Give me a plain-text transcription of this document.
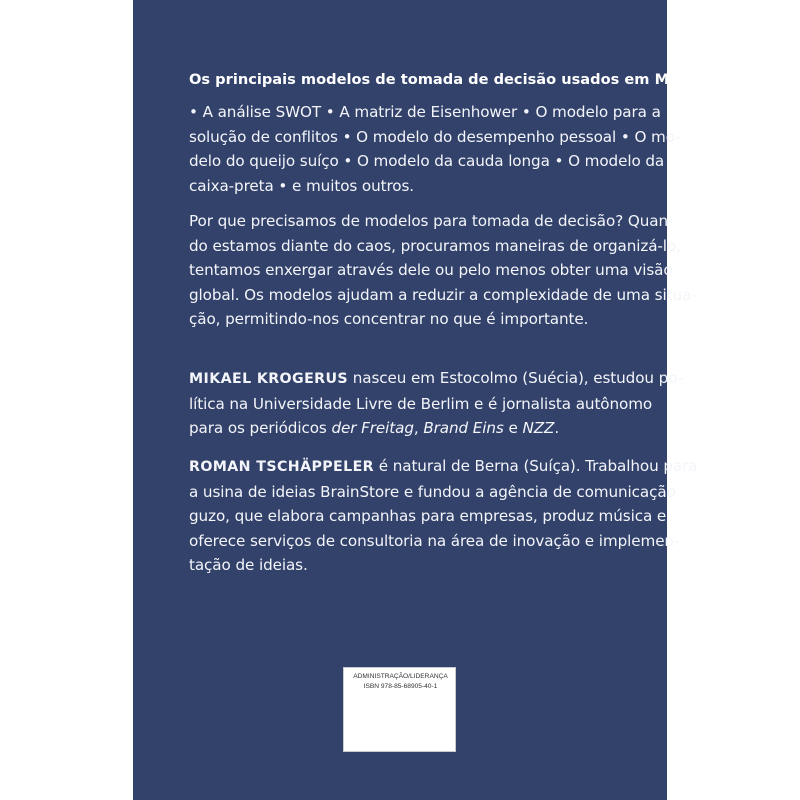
Os principais modelos de tomada de decisão usados em MBAs
• A análise SWOT • A matriz de Eisenhower • O modelo para a
solução de conflitos • O modelo do desempenho pessoal • O mo-
delo do queijo suíço • O modelo da cauda longa • O modelo da
caixa-preta • e muitos outros.
Por que precisamos de modelos para tomada de decisão? Quan-
do estamos diante do caos, procuramos maneiras de organizá-lo,
tentamos enxergar através dele ou pelo menos obter uma visão
global. Os modelos ajudam a reduzir a complexidade de uma situa-
ção, permitindo-nos concentrar no que é importante.
MIKAEL KROGERUS nasceu em Estocolmo (Suécia), estudou po-
lítica na Universidade Livre de Berlim e é jornalista autônomo
para os periódicos der Freitag, Brand Eins e NZZ.
ROMAN TSCHÄPPELER é natural de Berna (Suíça). Trabalhou para
a usina de ideias BrainStore e fundou a agência de comunicação
guzo, que elabora campanhas para empresas, produz música e
oferece serviços de consultoria na área de inovação e implemen-
tação de ideias.
ADMINISTRAÇÃO/LIDERANÇA
ISBN 978-85-68905-40-1
